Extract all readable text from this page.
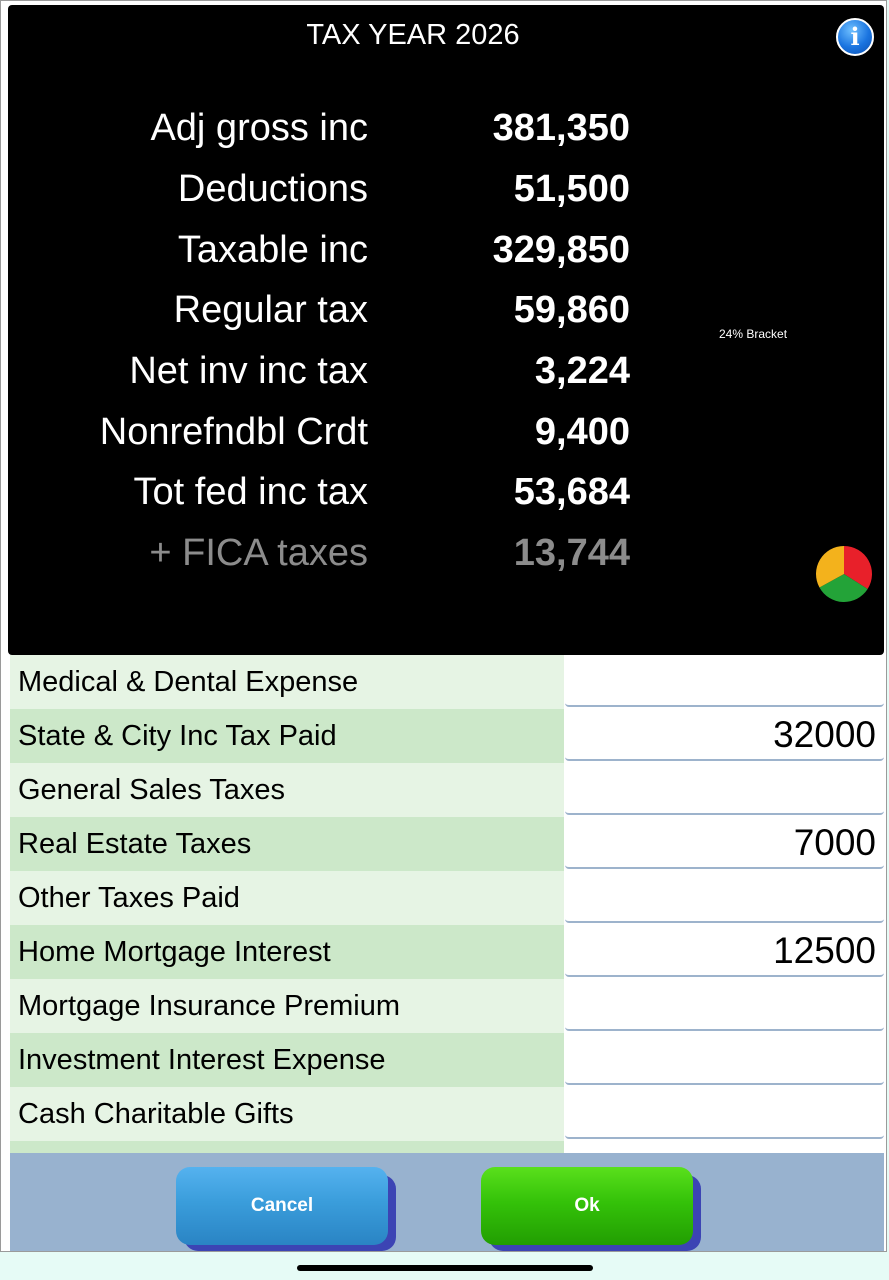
TAX YEAR 2026	i
Adj gross inc	381,350
Deductions	51,500
Taxable inc	329,850
Regular tax	59,860
Net inv inc tax	3,224
Nonrefndbl Crdt	9,400
Tot fed inc tax	53,684
+ FICA taxes	13,744
24% Bracket
Medical & Dental Expense
State & City Inc Tax Paid	32000
General Sales Taxes
Real Estate Taxes	7000
Other Taxes Paid
Home Mortgage Interest	12500
Mortgage Insurance Premium
Investment Interest Expense
Cash Charitable Gifts
Cancel	Ok
